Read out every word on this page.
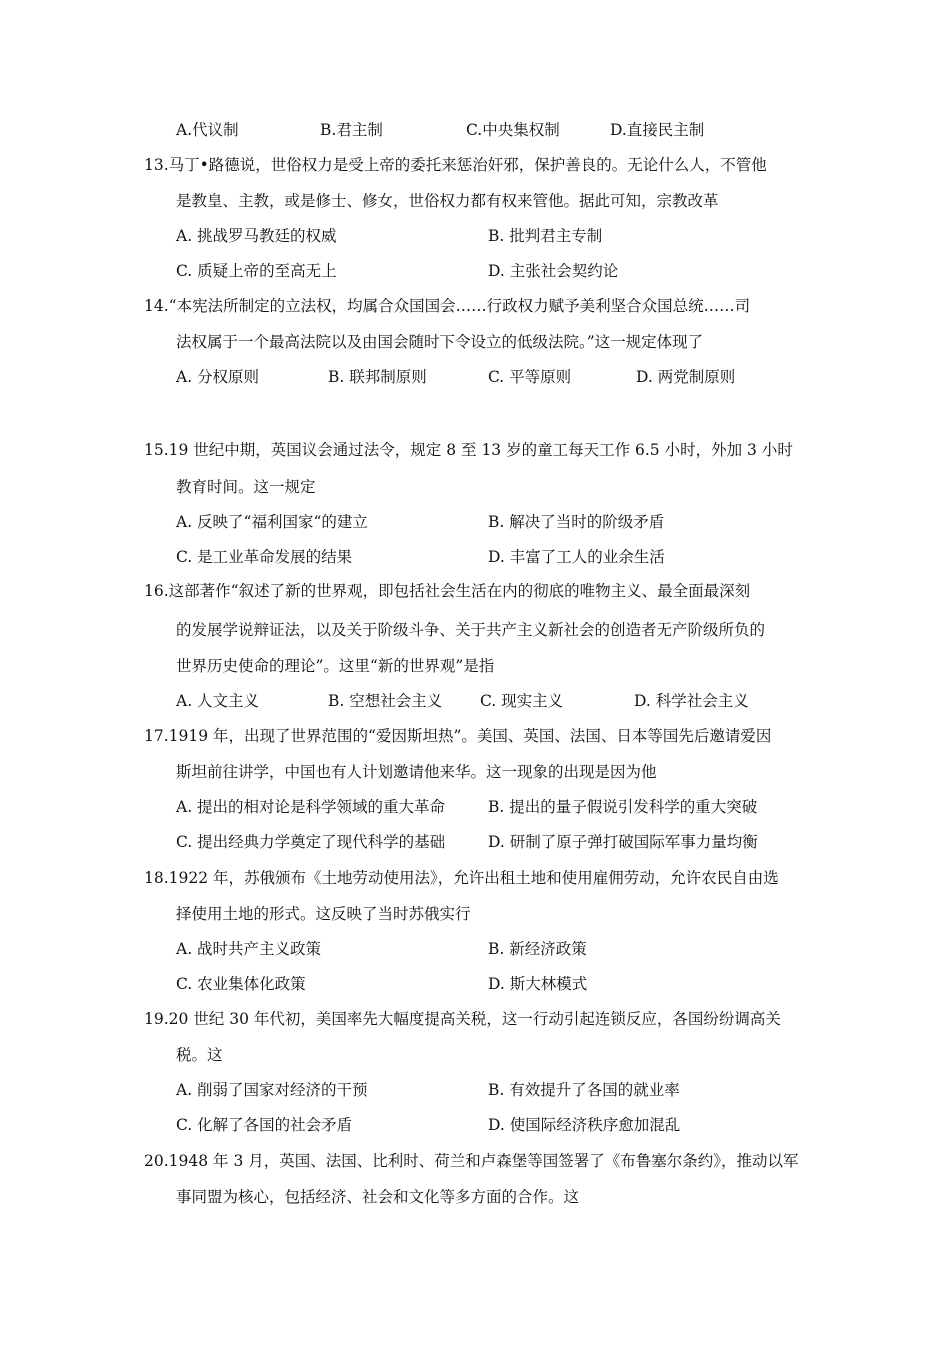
A.代议制	B.君主制	C.中央集权制	D.直接民主制
13.马丁•路德说，世俗权力是受上帝的委托来惩治奸邪，保护善良的。无论什么人，不管他
是教皇、主教，或是修士、修女，世俗权力都有权来管他。据此可知，宗教改革
A. 挑战罗马教廷的权威	B. 批判君主专制
C. 质疑上帝的至高无上	D. 主张社会契约论
14.“本宪法所制定的立法权，均属合众国国会……行政权力赋予美利坚合众国总统……司
法权属于一个最高法院以及由国会随时下令设立的低级法院。”这一规定体现了
A. 分权原则	B. 联邦制原则	C. 平等原则	D. 两党制原则
15.19 世纪中期，英国议会通过法令，规定 8 至 13 岁的童工每天工作 6.5 小时，外加 3 小时
教育时间。这一规定
A. 反映了“福利国家“的建立	B. 解决了当时的阶级矛盾
C. 是工业革命发展的结果	D. 丰富了工人的业余生活
16.这部著作“叙述了新的世界观，即包括社会生活在内的彻底的唯物主义、最全面最深刻
的发展学说辩证法，以及关于阶级斗争、关于共产主义新社会的创造者无产阶级所负的
世界历史使命的理论”。这里“新的世界观”是指
A. 人文主义	B. 空想社会主义 C. 现实主义	D. 科学社会主义
17.1919 年，出现了世界范围的“爱因斯坦热”。美国、英国、法国、日本等国先后邀请爱因
斯坦前往讲学，中国也有人计划邀请他来华。这一现象的出现是因为他
A. 提出的相对论是科学领域的重大革命	B. 提出的量子假说引发科学的重大突破
C. 提出经典力学奠定了现代科学的基础	D. 研制了原子弹打破国际军事力量均衡
18.1922 年，苏俄颁布《土地劳动使用法》，允许出租土地和使用雇佣劳动，允许农民自由选
择使用土地的形式。这反映了当时苏俄实行
A. 战时共产主义政策	B. 新经济政策
C. 农业集体化政策	D. 斯大林模式
19.20 世纪 30 年代初，美国率先大幅度提高关税，这一行动引起连锁反应，各国纷纷调高关
税。这
A. 削弱了国家对经济的干预	B. 有效提升了各国的就业率
C. 化解了各国的社会矛盾	D. 使国际经济秩序愈加混乱
20.1948 年 3 月，英国、法国、比利时、荷兰和卢森堡等国签署了《布鲁塞尔条约》，推动以军
事同盟为核心，包括经济、社会和文化等多方面的合作。这
